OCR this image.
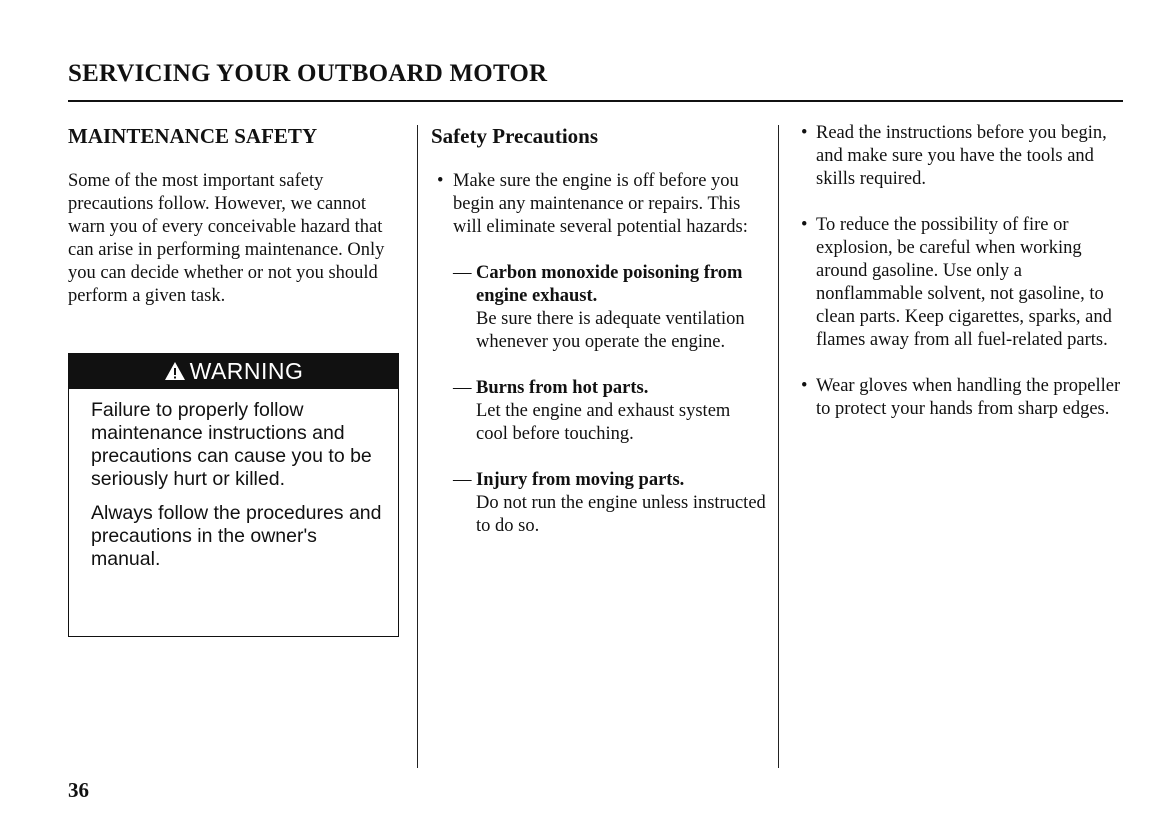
SERVICING YOUR OUTBOARD MOTOR
MAINTENANCE SAFETY

Some of the most important safety precautions follow. However, we cannot warn you of every conceivable hazard that can arise in performing maintenance. Only you can decide whether or not you should perform a given task.

WARNING

Failure to properly follow maintenance instructions and precautions can cause you to be seriously hurt or killed.

Always follow the procedures and precautions in the owner's manual.

Safety Precautions
• Make sure the engine is off before you begin any maintenance or repairs. This will eliminate several potential hazards:
— Carbon monoxide poisoning from engine exhaust.
Be sure there is adequate ventilation whenever you operate the engine.
— Burns from hot parts.
Let the engine and exhaust system cool before touching.
— Injury from moving parts.
Do not run the engine unless instructed to do so.
• Read the instructions before you begin, and make sure you have the tools and skills required.
• To reduce the possibility of fire or explosion, be careful when working around gasoline. Use only a nonflammable solvent, not gasoline, to clean parts. Keep cigarettes, sparks, and flames away from all fuel-related parts.
• Wear gloves when handling the propeller to protect your hands from sharp edges.
36
